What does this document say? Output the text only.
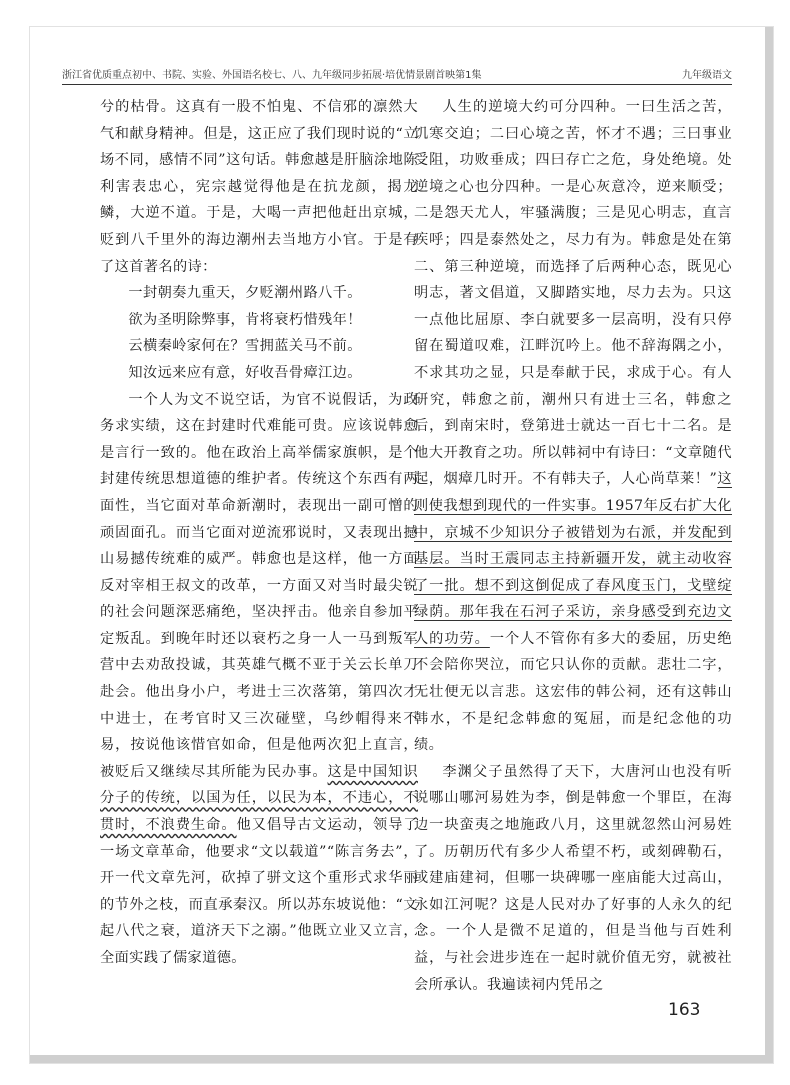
浙江省优质重点初中、书院、实验、外国语名校七、八、九年级同步拓展·培优情景剧首映第1集	九年级语文

兮的枯骨。这真有一股不怕鬼、不信邪的凛然大气和献身精神。但是，这正应了我们现时说的“立场不同，感情不同”这句话。韩愈越是肝脑涂地陈利害表忠心，宪宗越觉得他是在抗龙颜，揭龙鳞，大逆不道。于是，大喝一声把他赶出京城，贬到八千里外的海边潮州去当地方小官。于是有了这首著名的诗：

一封朝奏九重天，夕贬潮州路八千。

欲为圣明除弊事，肯将衰朽惜残年！

云横秦岭家何在？雪拥蓝关马不前。

知汝远来应有意，好收吾骨瘴江边。

一个人为文不说空话，为官不说假话，为政务求实绩，这在封建时代难能可贵。应该说韩愈是言行一致的。他在政治上高举儒家旗帜，是个封建传统思想道德的维护者。传统这个东西有两面性，当它面对革命新潮时，表现出一副可憎的顽固面孔。而当它面对逆流邪说时，又表现出撼山易撼传统难的威严。韩愈也是这样，他一方面反对宰相王叔文的改革，一方面又对当时最尖锐的社会问题深恶痛绝，坚决抨击。他亲自参加平定叛乱。到晚年时还以衰朽之身一人一马到叛军营中去劝敌投诚，其英雄气概不亚于关云长单刀赴会。他出身小户，考进士三次落第，第四次才中进士，在考官时又三次碰壁，乌纱帽得来不易，按说他该惜官如命，但是他两次犯上直言，被贬后又继续尽其所能为民办事。这是中国知识分子的传统，以国为任，以民为本，不违心，不贯时，不浪费生命。他又倡导古文运动，领导了一场文章革命，他要求“文以载道”“陈言务去”，开一代文章先河，砍掉了骈文这个重形式求华丽的节外之枝，而直承秦汉。所以苏东坡说他：“文起八代之衰，道济天下之溺。”他既立业又立言，全面实践了儒家道德。

人生的逆境大约可分四种。一曰生活之苦，饥寒交迫；二曰心境之苦，怀才不遇；三曰事业受阻，功败垂成；四曰存亡之危，身处绝境。处逆境之心也分四种。一是心灰意冷，逆来顺受；二是怨天尤人，牢骚满腹；三是见心明志，直言疾呼；四是泰然处之，尽力有为。韩愈是处在第二、第三种逆境，而选择了后两种心态，既见心明志，著文倡道，又脚踏实地，尽力去为。只这一点他比屈原、李白就要多一层高明，没有只停留在蜀道叹难，江畔沉吟上。他不辞海隅之小，不求其功之显，只是奉献于民，求成于心。有人研究，韩愈之前，潮州只有进士三名，韩愈之后，到南宋时，登第进士就达一百七十二名。是他大开教育之功。所以韩祠中有诗曰：“文章随代起，烟瘴几时开。不有韩夫子，人心尚草莱！”这则使我想到现代的一件实事。1957年反右扩大化中，京城不少知识分子被错划为右派，并发配到基层。当时王震同志主持新疆开发，就主动收容了一批。想不到这倒促成了春风度玉门，戈壁绽绿荫。那年我在石河子采访，亲身感受到充边文人的功劳。一个人不管你有多大的委屈，历史绝不会陪你哭泣，而它只认你的贡献。悲壮二字，无壮便无以言悲。这宏伟的韩公祠，还有这韩山韩水，不是纪念韩愈的冤屈，而是纪念他的功绩。

李渊父子虽然得了天下，大唐河山也没有听说哪山哪河易姓为李，倒是韩愈一个罪臣，在海边一块蛮夷之地施政八月，这里就忽然山河易姓了。历朝历代有多少人希望不朽，或刻碑勒石，或建庙建祠，但哪一块碑哪一座庙能大过高山，永如江河呢？这是人民对办了好事的人永久的纪念。一个人是微不足道的，但是当他与百姓利益，与社会进步连在一起时就价值无穷，就被社会所承认。我遍读祠内凭吊之

163
